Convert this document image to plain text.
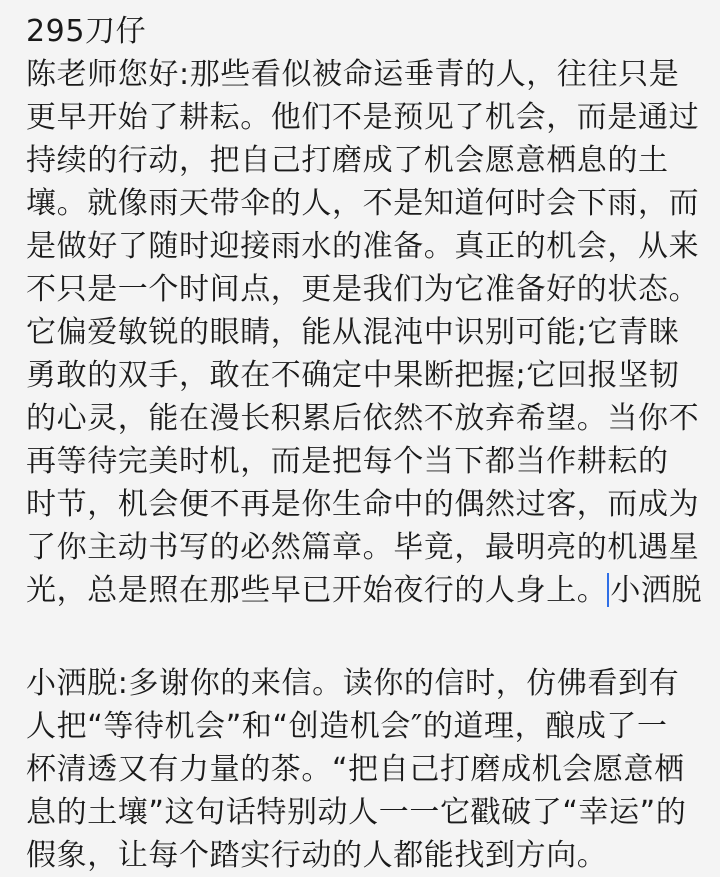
295刀仔
陈老师您好:那些看似被命运垂青的人，往往只是
更早开始了耕耘。他们不是预见了机会，而是通过
持续的行动，把自己打磨成了机会愿意栖息的土
壤。就像雨天带伞的人，不是知道何时会下雨，而
是做好了随时迎接雨水的准备。真正的机会，从来
不只是一个时间点，更是我们为它准备好的状态。
它偏爱敏锐的眼睛，能从混沌中识别可能;它青睐
勇敢的双手，敢在不确定中果断把握;它回报坚韧
的心灵，能在漫长积累后依然不放弃希望。当你不
再等待完美时机，而是把每个当下都当作耕耘的
时节，机会便不再是你生命中的偶然过客，而成为
了你主动书写的必然篇章。毕竟，最明亮的机遇星
光，总是照在那些早已开始夜行的人身上。 小洒脱
小洒脱:多谢你的来信。读你的信时，仿佛看到有
人把“等待机会”和“创造机会″的道理，酿成了一
杯清透又有力量的茶。“把自己打磨成机会愿意栖
息的土壤”这句话特别动人一一它戳破了“幸运”的
假象，让每个踏实行动的人都能找到方向。
